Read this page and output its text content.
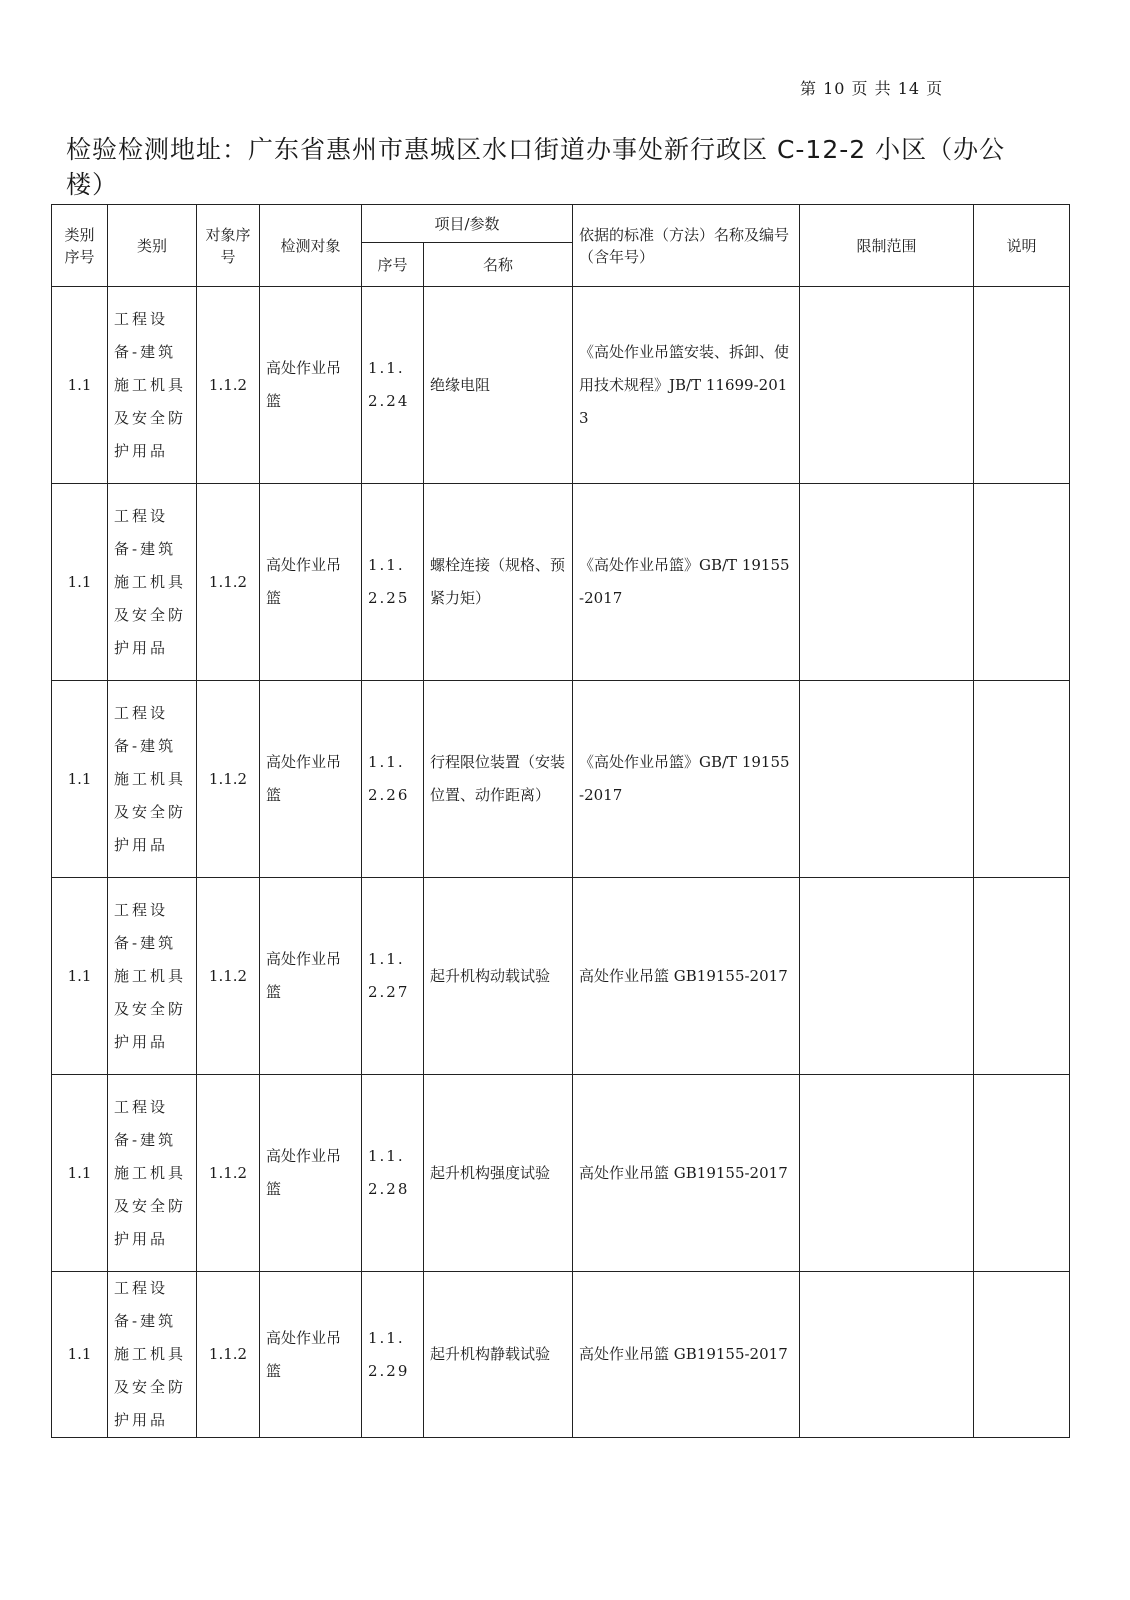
第 10 页 共 14 页
检验检测地址：广东省惠州市惠城区水口街道办事处新行政区 C-12-2 小区（办公楼）
类别序号	类别	对象序号	检测对象	项目/参数		依据的标准（方法）名称及编号（含年号）	限制范围	说明
				序号	名称			
1.1	工程设备-建筑施工机具及安全防护用品	1.1.2	高处作业吊篮	1.1.2.24	绝缘电阻	《高处作业吊篮安装、拆卸、使用技术规程》JB/T 11699-2013		
1.1	工程设备-建筑施工机具及安全防护用品	1.1.2	高处作业吊篮	1.1.2.25	螺栓连接（规格、预紧力矩）	《高处作业吊篮》GB/T 19155-2017		
1.1	工程设备-建筑施工机具及安全防护用品	1.1.2	高处作业吊篮	1.1.2.26	行程限位装置（安装位置、动作距离）	《高处作业吊篮》GB/T 19155-2017		
1.1	工程设备-建筑施工机具及安全防护用品	1.1.2	高处作业吊篮	1.1.2.27	起升机构动载试验	高处作业吊篮 GB19155-2017		
1.1	工程设备-建筑施工机具及安全防护用品	1.1.2	高处作业吊篮	1.1.2.28	起升机构强度试验	高处作业吊篮 GB19155-2017		
1.1	工程设备-建筑施工机具及安全防护用品	1.1.2	高处作业吊篮	1.1.2.29	起升机构静载试验	高处作业吊篮 GB19155-2017		
